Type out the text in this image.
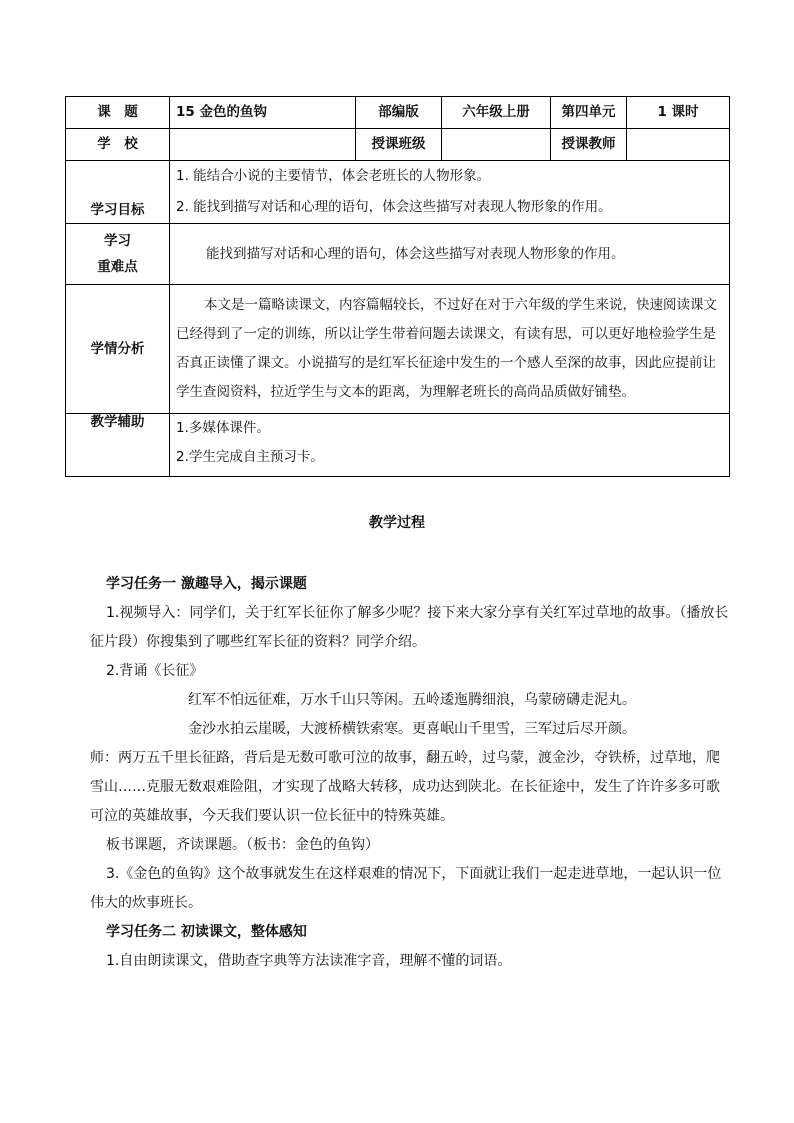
课　题	15 金色的鱼钩	部编版	六年级上册	第四单元	1 课时
学　校		授课班级		授课教师	
学习目标	1. 能结合小说的主要情节，体会老班长的人物形象。
2. 能找到描写对话和心理的语句，体会这些描写对表现人物形象的作用。				

学习
重难点	能找到描写对话和心理的语句，体会这些描写对表现人物形象的作用。				
学情分析	本文是一篇略读课文，内容篇幅较长，不过好在对于六年级的学生来说，快速阅读课文已经得到了一定的训练，所以让学生带着问题去读课文，有读有思，可以更好地检验学生是否真正读懂了课文。小说描写的是红军长征途中发生的一个感人至深的故事，因此应提前让学生查阅资料，拉近学生与文本的距离，为理解老班长的高尚品质做好铺垫。				
教学辅助	1.多媒体课件。
2.学生完成自主预习卡。				
教学过程

学习任务一 激趣导入，揭示课题

1.视频导入：同学们，关于红军长征你了解多少呢？接下来大家分享有关红军过草地的故事。（播放长征片段）你搜集到了哪些红军长征的资料？同学介绍。

2.背诵《长征》

红军不怕远征难，万水千山只等闲。五岭逶迤腾细浪，乌蒙磅礴走泥丸。

金沙水拍云崖暖，大渡桥横铁索寒。更喜岷山千里雪，三军过后尽开颜。

师：两万五千里长征路，背后是无数可歌可泣的故事，翻五岭，过乌蒙，渡金沙，夺铁桥，过草地，爬雪山……克服无数艰难险阻，才实现了战略大转移，成功达到陕北。在长征途中，发生了许许多多可歌可泣的英雄故事，今天我们要认识一位长征中的特殊英雄。

板书课题，齐读课题。（板书：金色的鱼钩）

3.《金色的鱼钩》这个故事就发生在这样艰难的情况下，下面就让我们一起走进草地，一起认识一位伟大的炊事班长。

学习任务二 初读课文，整体感知

1.自由朗读课文，借助查字典等方法读准字音，理解不懂的词语。
